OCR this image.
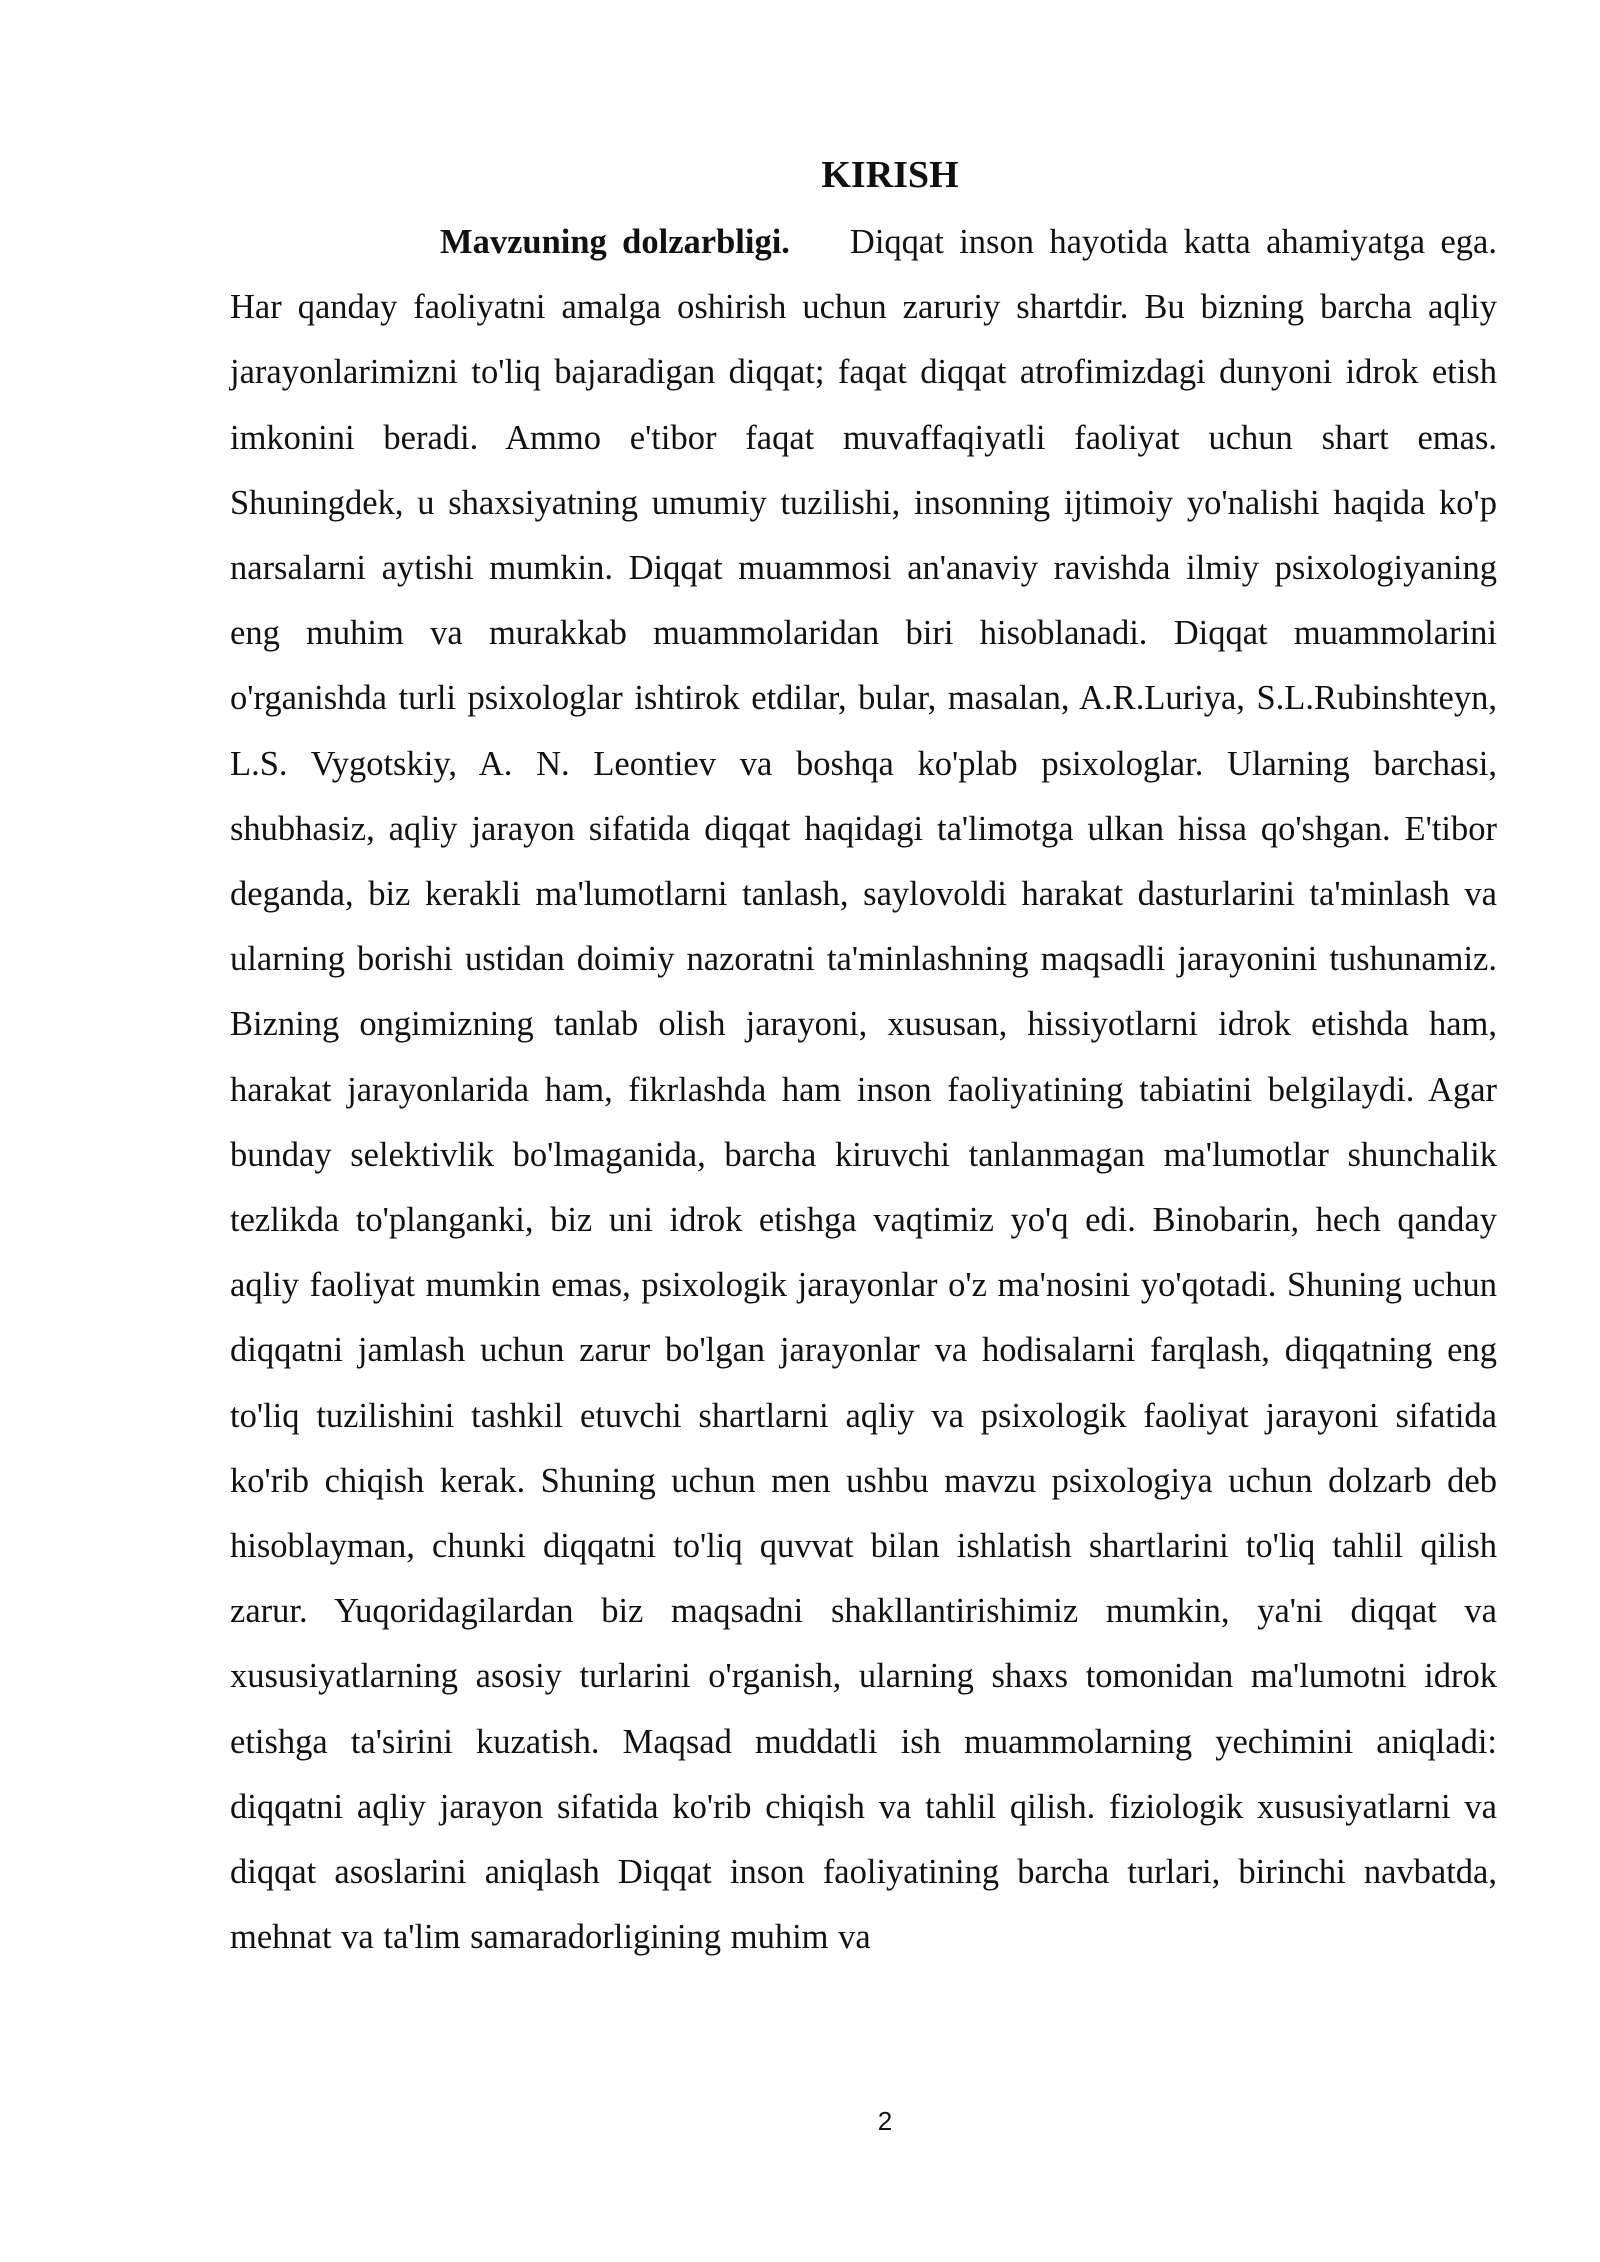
KIRISH

Mavzuning dolzarbligi. Diqqat inson hayotida katta ahamiyatga ega. Har qanday faoliyatni amalga oshirish uchun zaruriy shartdir. Bu bizning barcha aqliy jarayonlarimizni to'liq bajaradigan diqqat; faqat diqqat atrofimizdagi dunyoni idrok etish imkonini beradi. Ammo e'tibor faqat muvaffaqiyatli faoliyat uchun shart emas. Shuningdek, u shaxsiyatning umumiy tuzilishi, insonning ijtimoiy yo'nalishi haqida ko'p narsalarni aytishi mumkin. Diqqat muammosi an'anaviy ravishda ilmiy psixologiyaning eng muhim va murakkab muammolaridan biri hisoblanadi. Diqqat muammolarini o'rganishda turli psixologlar ishtirok etdilar, bular, masalan, A.R.Luriya, S.L.Rubinshteyn, L.S. Vygotskiy, A. N. Leontiev va boshqa ko'plab psixologlar. Ularning barchasi, shubhasiz, aqliy jarayon sifatida diqqat haqidagi ta'limotga ulkan hissa qo'shgan. E'tibor deganda, biz kerakli ma'lumotlarni tanlash, saylovoldi harakat dasturlarini ta'minlash va ularning borishi ustidan doimiy nazoratni ta'minlashning maqsadli jarayonini tushunamiz. Bizning ongimizning tanlab olish jarayoni, xususan, hissiyotlarni idrok etishda ham, harakat jarayonlarida ham, fikrlashda ham inson faoliyatining tabiatini belgilaydi. Agar bunday selektivlik bo'lmaganida, barcha kiruvchi tanlanmagan ma'lumotlar shunchalik tezlikda to'planganki, biz uni idrok etishga vaqtimiz yo'q edi. Binobarin, hech qanday aqliy faoliyat mumkin emas, psixologik jarayonlar o'z ma'nosini yo'qotadi. Shuning uchun diqqatni jamlash uchun zarur bo'lgan jarayonlar va hodisalarni farqlash, diqqatning eng to'liq tuzilishini tashkil etuvchi shartlarni aqliy va psixologik faoliyat jarayoni sifatida ko'rib chiqish kerak. Shuning uchun men ushbu mavzu psixologiya uchun dolzarb deb hisoblayman, chunki diqqatni to'liq quvvat bilan ishlatish shartlarini to'liq tahlil qilish zarur. Yuqoridagilardan biz maqsadni shakllantirishimiz mumkin, ya'ni diqqat va xususiyatlarning asosiy turlarini o'rganish, ularning shaxs tomonidan ma'lumotni idrok etishga ta'sirini kuzatish. Maqsad muddatli ish muammolarning yechimini aniqladi: diqqatni aqliy jarayon sifatida ko'rib chiqish va tahlil qilish. fiziologik xususiyatlarni va diqqat asoslarini aniqlash Diqqat inson faoliyatining barcha turlari, birinchi navbatda, mehnat va ta'lim samaradorligining muhim va

2
